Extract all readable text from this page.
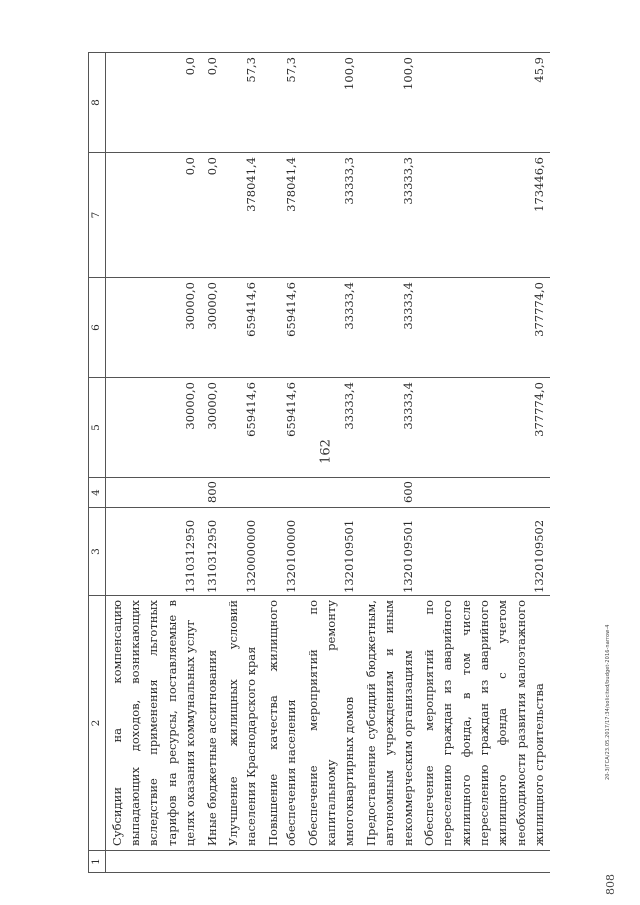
162
20-3/ГСА/23.05.2017/17:34/solicited/budget-2016-narrow-4
808
1	2	3	4	5	6	7	8
	Субсидии на компенсацию выпадающих доходов, возникающих вследствие применения льготных тарифов на ресурсы, поставляемые в целях оказания коммунальных услуг	1310312950		30000,0	30000,0	0,0	0,0
	Иные бюджетные ассигнования	1310312950	800	30000,0	30000,0	0,0	0,0
	Улучшение жилищных условий населения Краснодарского края	1320000000		659414,6	659414,6	378041,4	57,3
	Повышение качества жилищного обеспечения населения	1320100000		659414,6	659414,6	378041,4	57,3
	Обеспечение мероприятий по капитальному ремонту многоквартирных домов	1320109501		33333,4	33333,4	33333,3	100,0
	Предоставление субсидий бюджетным, автономным учреждениям и иным некоммерческим организациям	1320109501	600	33333,4	33333,4	33333,3	100,0
	Обеспечение мероприятий по переселению граждан из аварийного жилищного фонда, в том числе переселению граждан из аварийного жилищного фонда с учетом необходимости развития малоэтажного жилищного строительства	1320109502		377774,0	377774,0	173446,6	45,9
